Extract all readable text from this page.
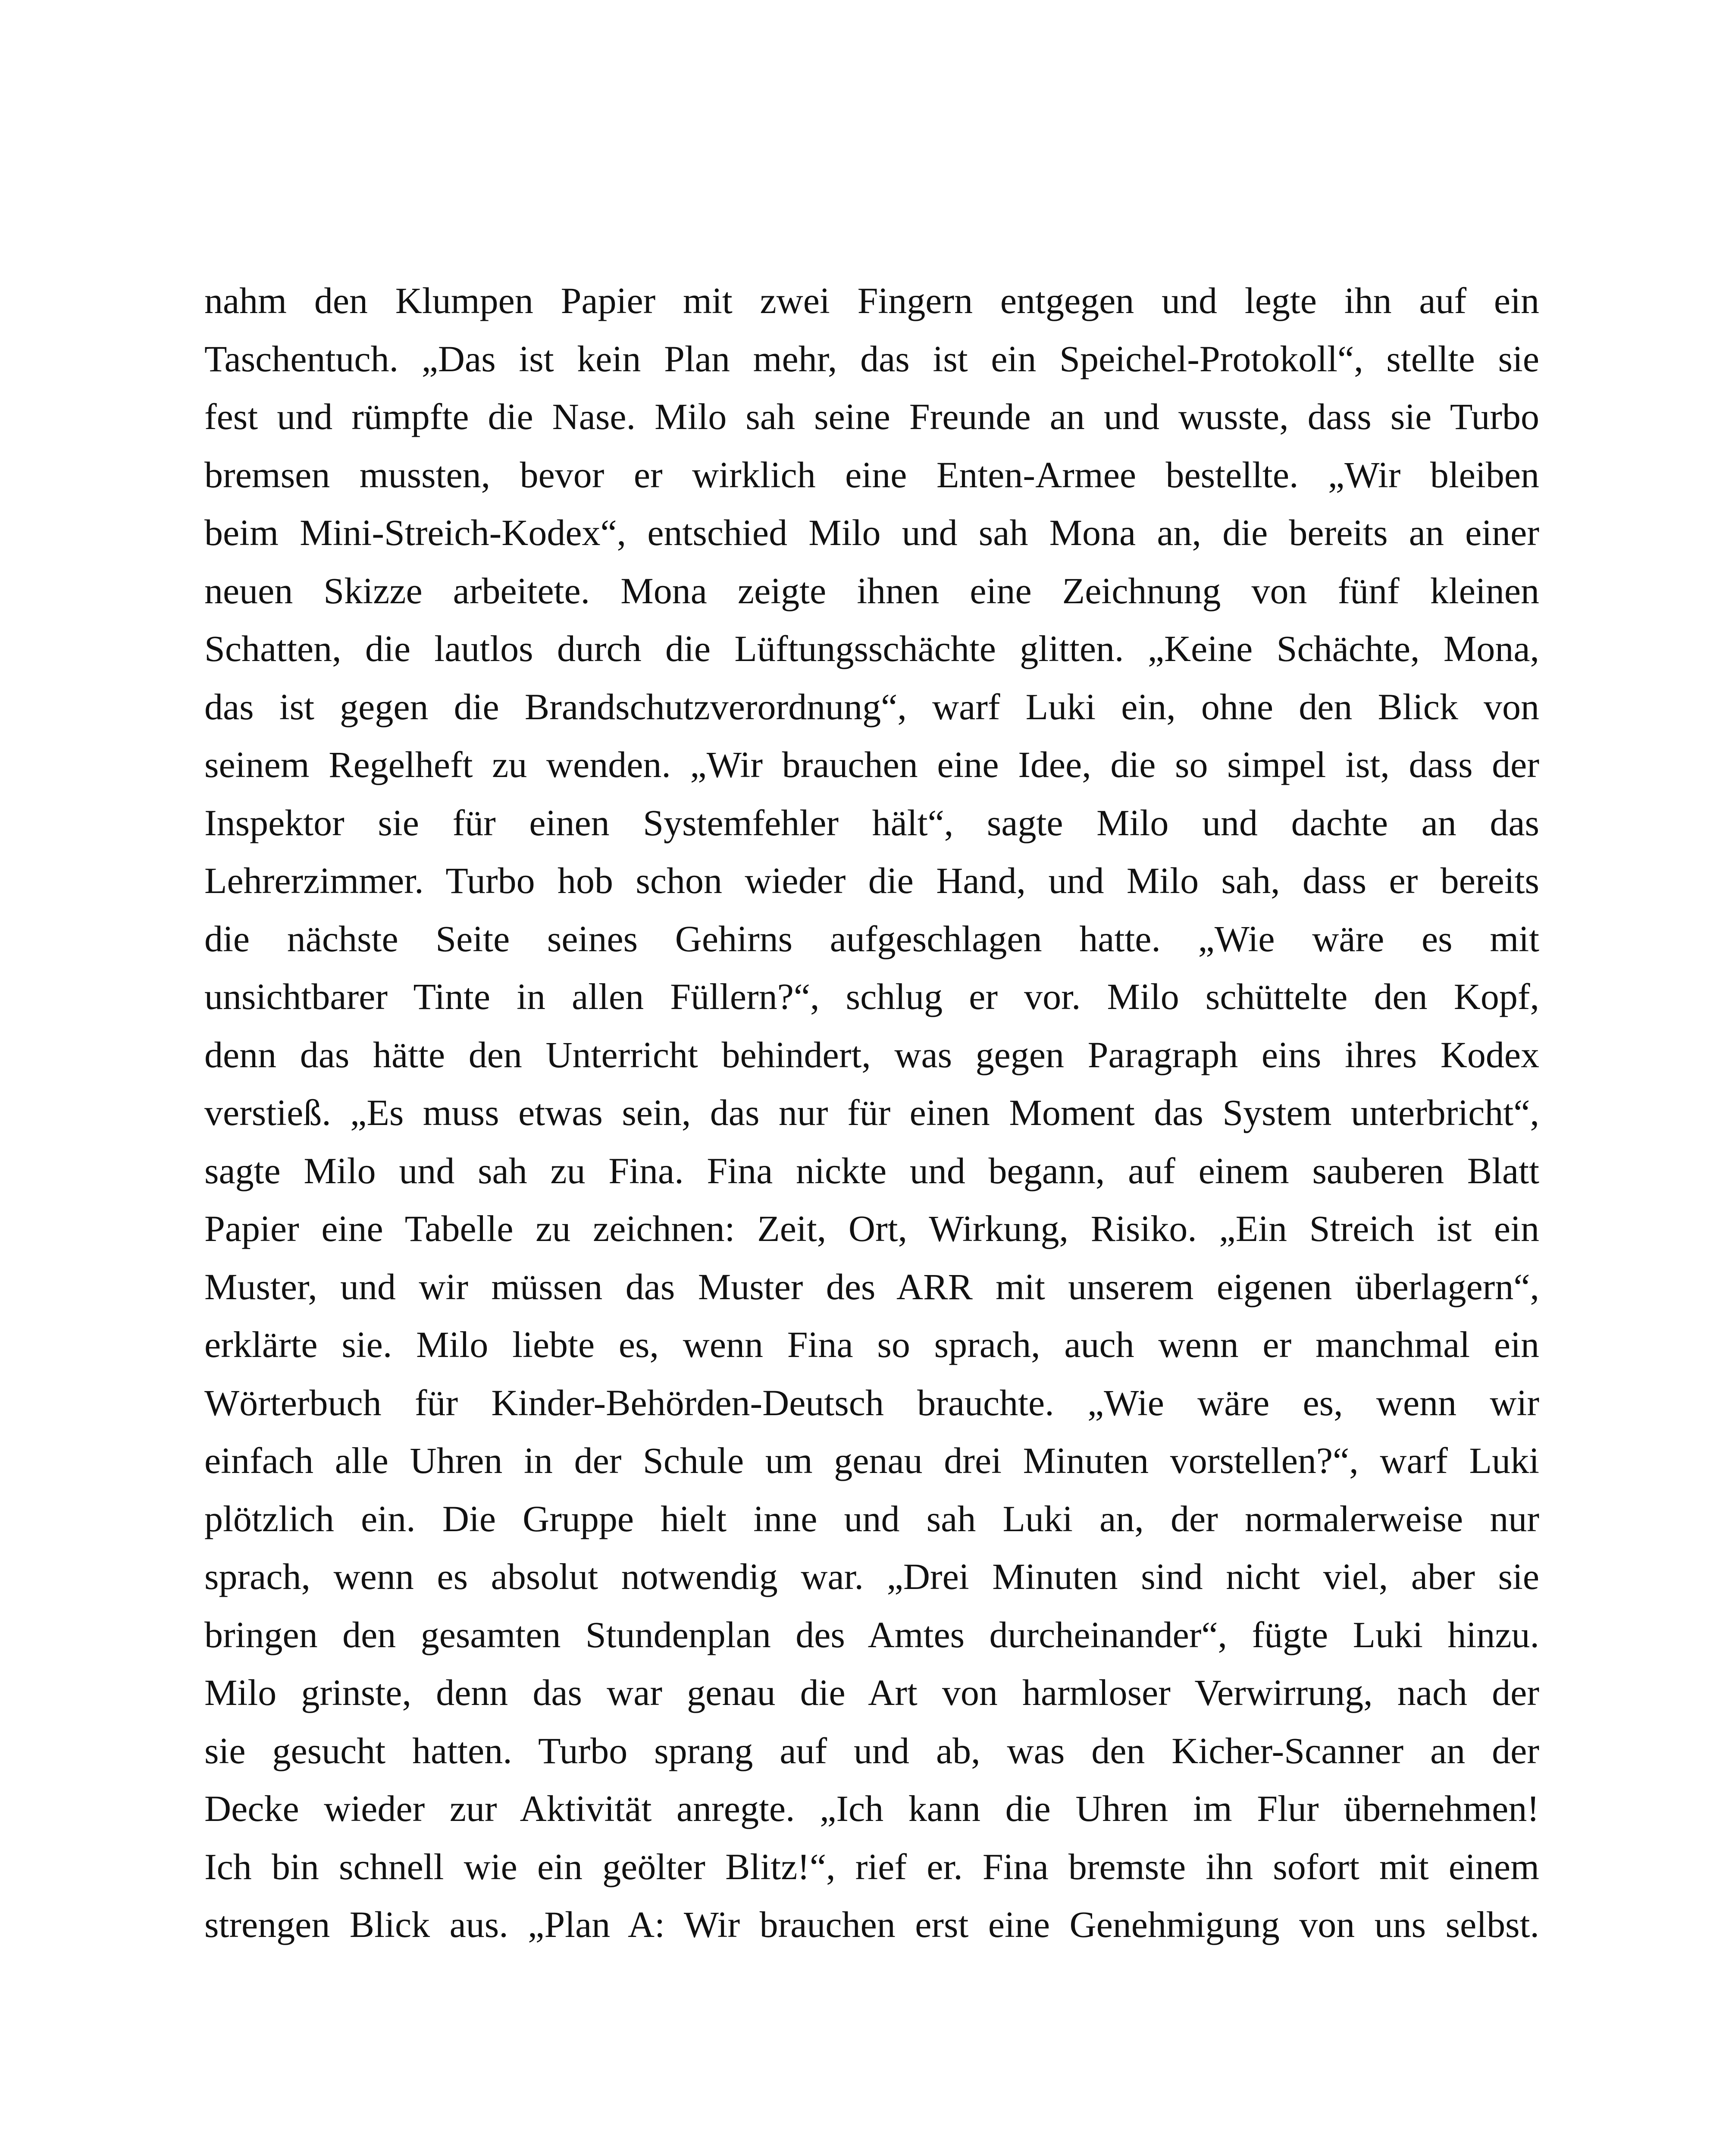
nahm den Klumpen Papier mit zwei Fingern entgegen und legte ihn auf ein
Taschentuch. „Das ist kein Plan mehr, das ist ein Speichel-Protokoll“, stellte sie
fest und rümpfte die Nase. Milo sah seine Freunde an und wusste, dass sie Turbo
bremsen mussten, bevor er wirklich eine Enten-Armee bestellte. „Wir bleiben
beim Mini-Streich-Kodex“, entschied Milo und sah Mona an, die bereits an einer
neuen Skizze arbeitete. Mona zeigte ihnen eine Zeichnung von fünf kleinen
Schatten, die lautlos durch die Lüftungsschächte glitten. „Keine Schächte, Mona,
das ist gegen die Brandschutzverordnung“, warf Luki ein, ohne den Blick von
seinem Regelheft zu wenden. „Wir brauchen eine Idee, die so simpel ist, dass der
Inspektor sie für einen Systemfehler hält“, sagte Milo und dachte an das
Lehrerzimmer. Turbo hob schon wieder die Hand, und Milo sah, dass er bereits
die nächste Seite seines Gehirns aufgeschlagen hatte. „Wie wäre es mit
unsichtbarer Tinte in allen Füllern?“, schlug er vor. Milo schüttelte den Kopf,
denn das hätte den Unterricht behindert, was gegen Paragraph eins ihres Kodex
verstieß. „Es muss etwas sein, das nur für einen Moment das System unterbricht“,
sagte Milo und sah zu Fina. Fina nickte und begann, auf einem sauberen Blatt
Papier eine Tabelle zu zeichnen: Zeit, Ort, Wirkung, Risiko. „Ein Streich ist ein
Muster, und wir müssen das Muster des ARR mit unserem eigenen überlagern“,
erklärte sie. Milo liebte es, wenn Fina so sprach, auch wenn er manchmal ein
Wörterbuch für Kinder-Behörden-Deutsch brauchte. „Wie wäre es, wenn wir
einfach alle Uhren in der Schule um genau drei Minuten vorstellen?“, warf Luki
plötzlich ein. Die Gruppe hielt inne und sah Luki an, der normalerweise nur
sprach, wenn es absolut notwendig war. „Drei Minuten sind nicht viel, aber sie
bringen den gesamten Stundenplan des Amtes durcheinander“, fügte Luki hinzu.
Milo grinste, denn das war genau die Art von harmloser Verwirrung, nach der
sie gesucht hatten. Turbo sprang auf und ab, was den Kicher-Scanner an der
Decke wieder zur Aktivität anregte. „Ich kann die Uhren im Flur übernehmen!
Ich bin schnell wie ein geölter Blitz!“, rief er. Fina bremste ihn sofort mit einem
strengen Blick aus. „Plan A: Wir brauchen erst eine Genehmigung von uns selbst.
